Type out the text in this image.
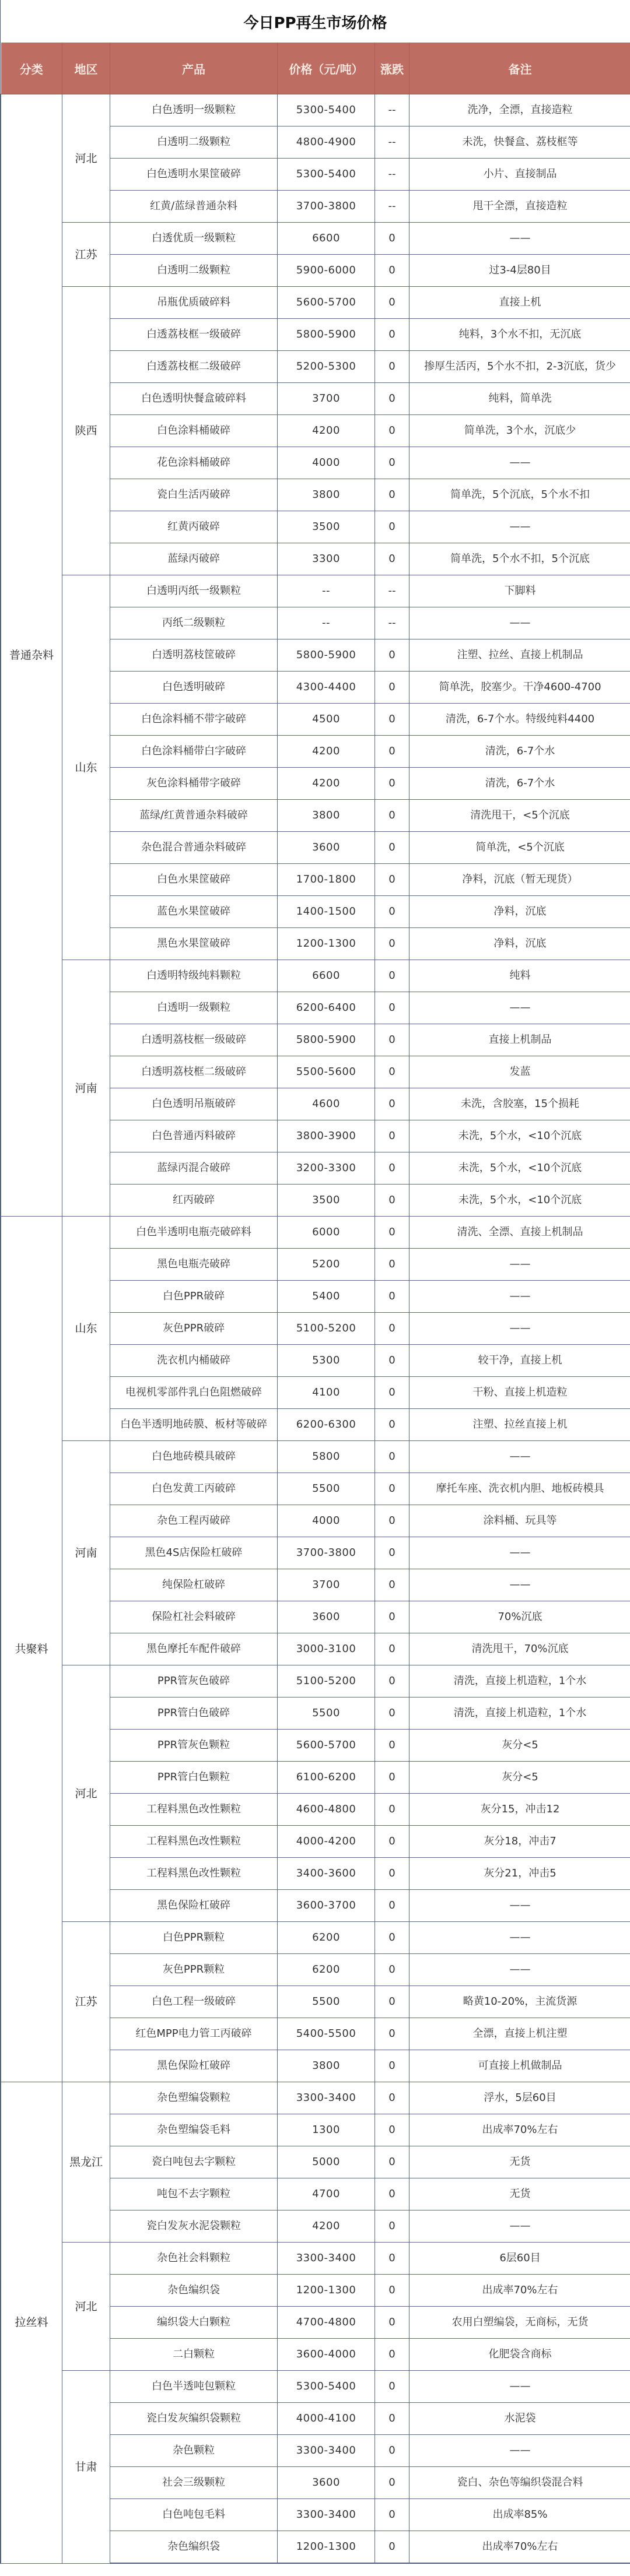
今日PP再生市场价格
分类	地区	产品	价格（元/吨）	涨跌	备注
普通杂料	河北	白色透明一级颗粒	5300-5400	--	洗净，全漂，直接造粒
		白透明二级颗粒	4800-4900	--	未洗，快餐盒、荔枝框等
		白色透明水果筐破碎	5300-5400	--	小片、直接制品
		红黄/蓝绿普通杂料	3700-3800	--	甩干全漂，直接造粒
	江苏	白透优质一级颗粒	6600	0	——
		白透明二级颗粒	5900-6000	0	过3-4层80目
	陕西	吊瓶优质破碎料	5600-5700	0	直接上机
		白透荔枝框一级破碎	5800-5900	0	纯料，3个水不扣，无沉底
		白透荔枝框二级破碎	5200-5300	0	掺厚生活丙，5个水不扣，2-3沉底，货少
		白色透明快餐盒破碎料	3700	0	纯料，简单洗
		白色涂料桶破碎	4200	0	简单洗，3个水，沉底少
		花色涂料桶破碎	4000	0	——
		瓷白生活丙破碎	3800	0	简单洗，5个沉底，5个水不扣
		红黄丙破碎	3500	0	——
		蓝绿丙破碎	3300	0	简单洗，5个水不扣，5个沉底
	山东	白透明丙纸一级颗粒	--	--	下脚料
		丙纸二级颗粒	--	--	——
		白透明荔枝筐破碎	5800-5900	0	注塑、拉丝、直接上机制品
		白色透明破碎	4300-4400	0	简单洗，胶塞少。干净4600-4700
		白色涂料桶不带字破碎	4500	0	清洗，6-7个水。特级纯料4400
		白色涂料桶带白字破碎	4200	0	清洗，6-7个水
		灰色涂料桶带字破碎	4200	0	清洗，6-7个水
		蓝绿/红黄普通杂料破碎	3800	0	清洗甩干，<5个沉底
		杂色混合普通杂料破碎	3600	0	简单洗，<5个沉底
		白色水果筐破碎	1700-1800	0	净料，沉底（暂无现货）
		蓝色水果筐破碎	1400-1500	0	净料，沉底
		黑色水果筐破碎	1200-1300	0	净料，沉底
	河南	白透明特级纯料颗粒	6600	0	纯料
		白透明一级颗粒	6200-6400	0	——
		白透明荔枝框一级破碎	5800-5900	0	直接上机制品
		白透明荔枝框二级破碎	5500-5600	0	发蓝
		白色透明吊瓶破碎	4600	0	未洗，含胶塞，15个损耗
		白色普通丙料破碎	3800-3900	0	未洗，5个水，<10个沉底
		蓝绿丙混合破碎	3200-3300	0	未洗，5个水，<10个沉底
		红丙破碎	3500	0	未洗，5个水，<10个沉底
共聚料	山东	白色半透明电瓶壳破碎料	6000	0	清洗、全漂、直接上机制品
		黑色电瓶壳破碎	5200	0	——
		白色PPR破碎	5400	0	——
		灰色PPR破碎	5100-5200	0	——
		洗衣机内桶破碎	5300	0	较干净，直接上机
		电视机零部件乳白色阻燃破碎	4100	0	干粉、直接上机造粒
		白色半透明地砖膜、板材等破碎	6200-6300	0	注塑、拉丝直接上机
	河南	白色地砖模具破碎	5800	0	——
		白色发黄工丙破碎	5500	0	摩托车座、洗衣机内胆、地板砖模具
		杂色工程丙破碎	4000	0	涂料桶、玩具等
		黑色4S店保险杠破碎	3700-3800	0	——
		纯保险杠破碎	3700	0	——
		保险杠社会料破碎	3600	0	70%沉底
		黑色摩托车配件破碎	3000-3100	0	清洗甩干，70%沉底
	河北	PPR管灰色破碎	5100-5200	0	清洗，直接上机造粒，1个水
		PPR管白色破碎	5500	0	清洗，直接上机造粒，1个水
		PPR管灰色颗粒	5600-5700	0	灰分<5
		PPR管白色颗粒	6100-6200	0	灰分<5
		工程料黑色改性颗粒	4600-4800	0	灰分15，冲击12
		工程料黑色改性颗粒	4000-4200	0	灰分18，冲击7
		工程料黑色改性颗粒	3400-3600	0	灰分21，冲击5
		黑色保险杠破碎	3600-3700	0	——
	江苏	白色PPR颗粒	6200	0	——
		灰色PPR颗粒	6200	0	——
		白色工程一级破碎	5500	0	略黄10-20%，主流货源
		红色MPP电力管工丙破碎	5400-5500	0	全漂，直接上机注塑
		黑色保险杠破碎	3800	0	可直接上机做制品
拉丝料	黑龙江	杂色塑编袋颗粒	3300-3400	0	浮水，5层60目
		杂色塑编袋毛料	1300	0	出成率70%左右
		瓷白吨包去字颗粒	5000	0	无货
		吨包不去字颗粒	4700	0	无货
		瓷白发灰水泥袋颗粒	4200	0	——
	河北	杂色社会料颗粒	3300-3400	0	6层60目
		杂色编织袋	1200-1300	0	出成率70%左右
		编织袋大白颗粒	4700-4800	0	农用白塑编袋，无商标，无货
		二白颗粒	3600-4000	0	化肥袋含商标
	甘肃	白色半透吨包颗粒	5300-5400	0	——
		瓷白发灰编织袋颗粒	4000-4100	0	水泥袋
		杂色颗粒	3300-3400	0	——
		社会三级颗粒	3600	0	瓷白、杂色等编织袋混合料
		白色吨包毛料	3300-3400	0	出成率85%
		杂色编织袋	1200-1300	0	出成率70%左右
